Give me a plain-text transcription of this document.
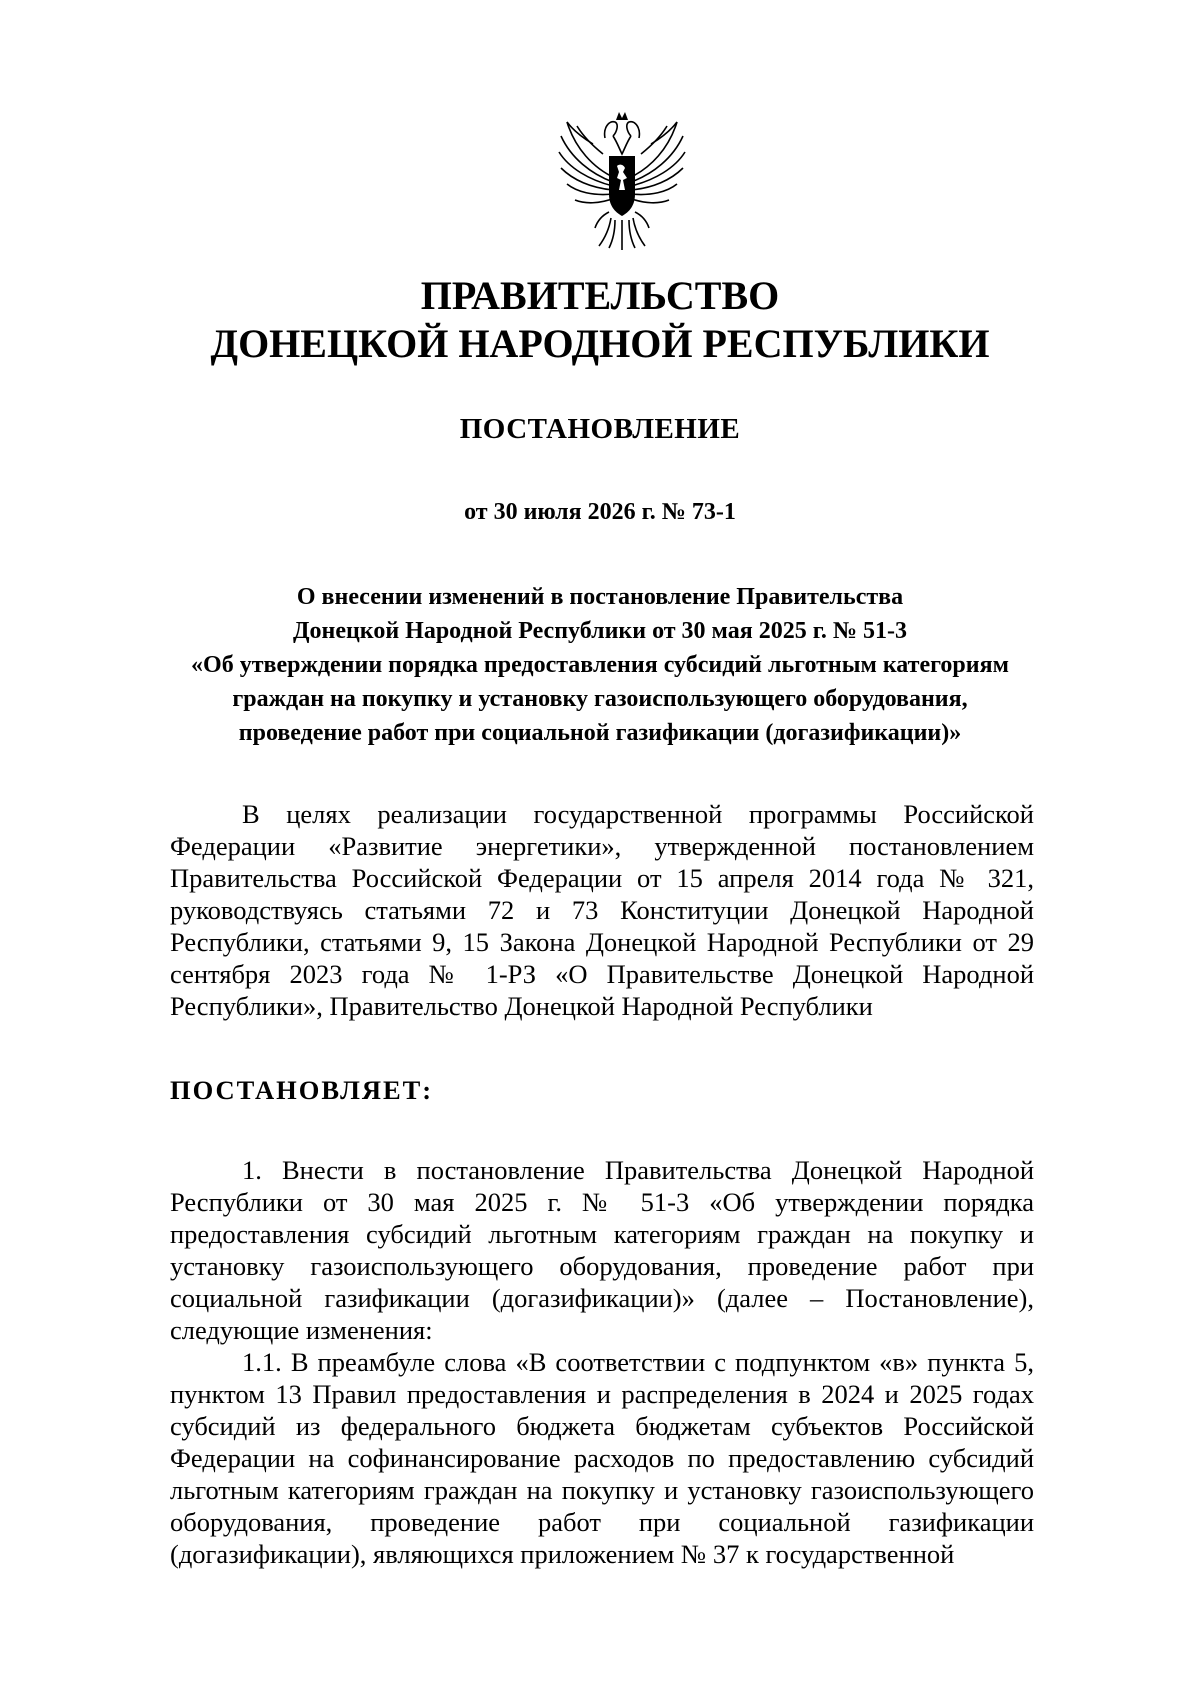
ПРАВИТЕЛЬСТВО
ДОНЕЦКОЙ НАРОДНОЙ РЕСПУБЛИКИ
ПОСТАНОВЛЕНИЕ
от 30 июля 2026 г. № 73-1
О внесении изменений в постановление Правительства
Донецкой Народной Республики от 30 мая 2025 г. № 51-3
«Об утверждении порядка предоставления субсидий льготным категориям
граждан на покупку и установку газоиспользующего оборудования,
проведение работ при социальной газификации (догазификации)»

В целях реализации государственной программы Российской Федерации «Развитие энергетики», утвержденной постановлением Правительства Российской Федерации от 15 апреля 2014 года № 321, руководствуясь статьями 72 и 73 Конституции Донецкой Народной Республики, статьями 9, 15 Закона Донецкой Народной Республики от 29 сентября 2023 года № 1-РЗ «О Правительстве Донецкой Народной Республики», Правительство Донецкой Народной Республики

ПОСТАНОВЛЯЕТ:

1. Внести в постановление Правительства Донецкой Народной Республики от 30 мая 2025 г. № 51-3 «Об утверждении порядка предоставления субсидий льготным категориям граждан на покупку и установку газоиспользующего оборудования, проведение работ при социальной газификации (догазификации)» (далее – Постановление), следующие изменения:

1.1. В преамбуле слова «В соответствии с подпунктом «в» пункта 5, пунктом 13 Правил предоставления и распределения в 2024 и 2025 годах субсидий из федерального бюджета бюджетам субъектов Российской Федерации на софинансирование расходов по предоставлению субсидий льготным категориям граждан на покупку и установку газоиспользующего оборудования, проведение работ при социальной газификации (догазификации), являющихся приложением № 37 к государственной
